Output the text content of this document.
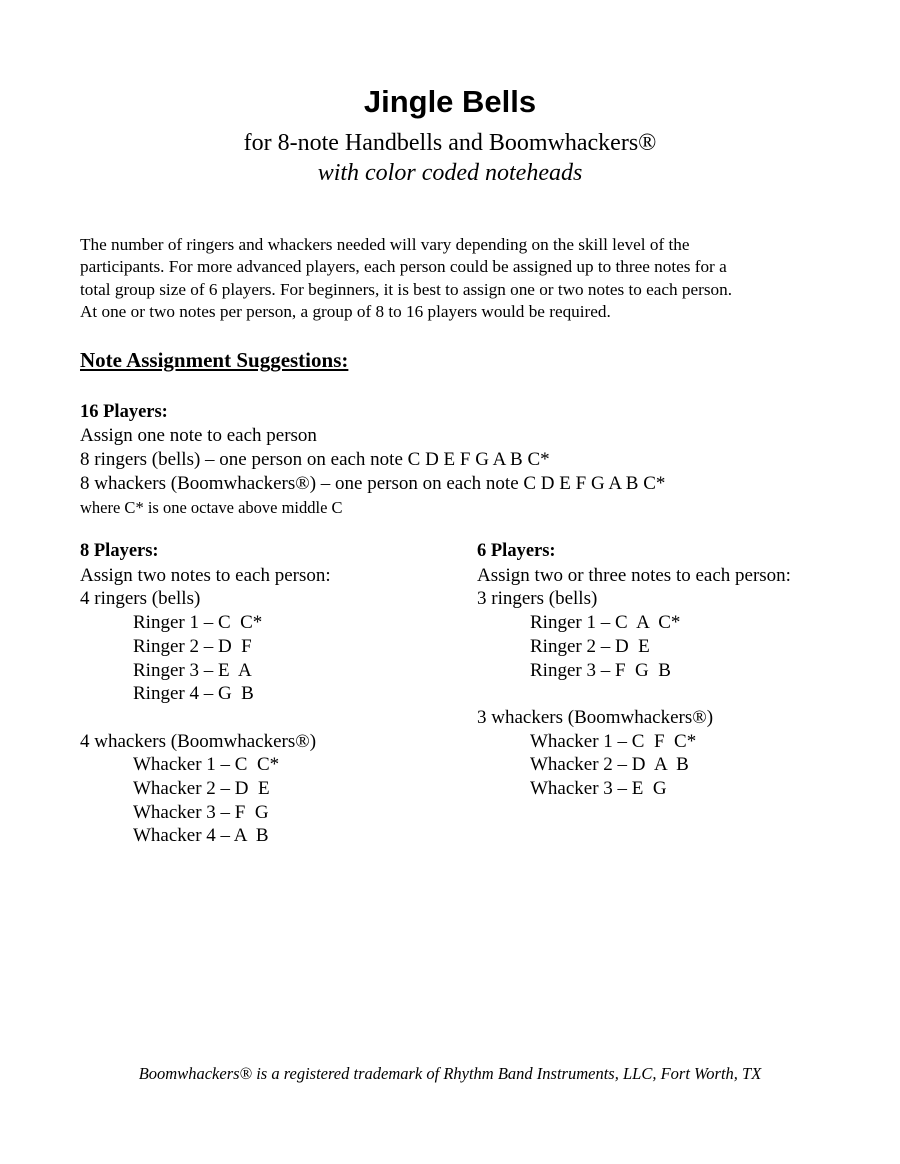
Jingle Bells
for 8-note Handbells and Boomwhackers®
with color coded noteheads

The number of ringers and whackers needed will vary depending on the skill level of the
participants. For more advanced players, each person could be assigned up to three notes for a
total group size of 6 players. For beginners, it is best to assign one or two notes to each person.
At one or two notes per person, a group of 8 to 16 players would be required.

Note Assignment Suggestions:
16 Players:
Assign one note to each person
8 ringers (bells) – one person on each note C D E F G A B C*
8 whackers (Boomwhackers®) – one person on each note C D E F G A B C*
where C* is one octave above middle C
8 Players:
Assign two notes to each person:
4 ringers (bells)
Ringer 1 – C  C*
Ringer 2 – D  F
Ringer 3 – E  A
Ringer 4 – G  B
4 whackers (Boomwhackers®)
Whacker 1 – C  C*
Whacker 2 – D  E
Whacker 3 – F  G
Whacker 4 – A  B
6 Players:
Assign two or three notes to each person:
3 ringers (bells)
Ringer 1 – C  A  C*
Ringer 2 – D  E
Ringer 3 – F  G  B
3 whackers (Boomwhackers®)
Whacker 1 – C  F  C*
Whacker 2 – D  A  B
Whacker 3 – E  G
Boomwhackers® is a registered trademark of Rhythm Band Instruments, LLC, Fort Worth, TX
